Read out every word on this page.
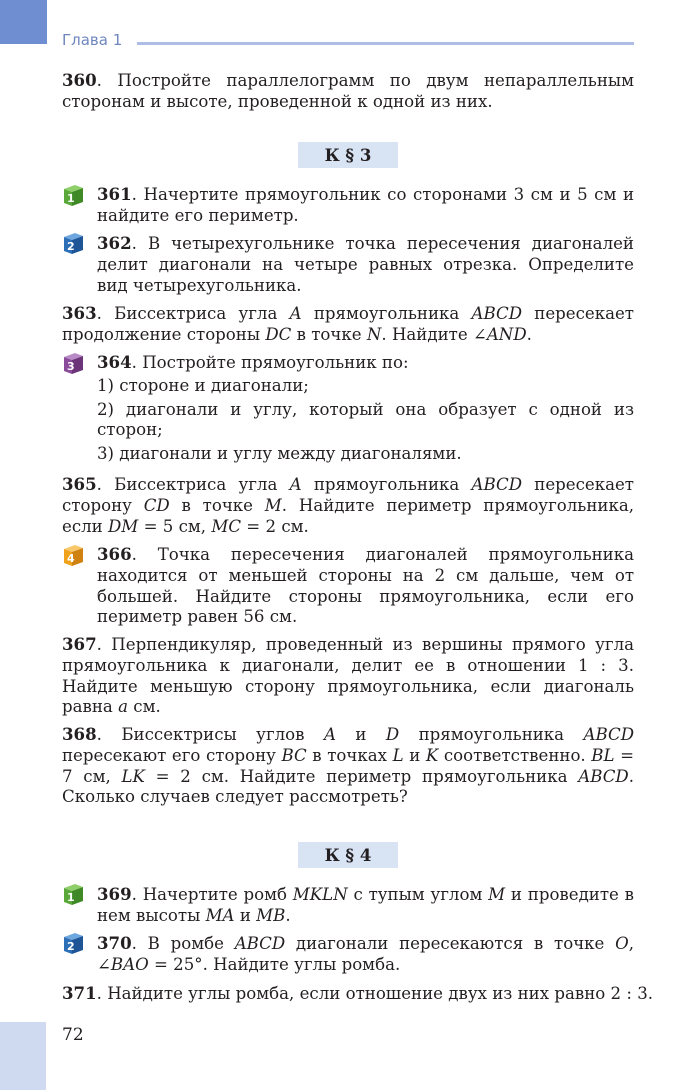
Глава 1
360. Постройте параллелограмм по двум непараллельным сторонам и высоте, проведенной к одной из них.
К § 3
1 361. Начертите прямоугольник со сторонами 3 см и 5 см и найдите его периметр.
2 362. В четырехугольнике точка пересечения диагоналей делит диагонали на четыре равных отрезка. Определите вид четырехугольника.
363. Биссектриса угла A прямоугольника ABCD пересекает продолжение стороны DC в точке N. Найдите ∠AND.
3 364. Постройте прямоугольник по:
1) стороне и диагонали;
2) диагонали и углу, который она образует с одной из сторон;
3) диагонали и углу между диагоналями.
365. Биссектриса угла A прямоугольника ABCD пересекает сторону CD в точке M. Найдите периметр прямоугольника, если DM = 5 см, MC = 2 см.
4 366. Точка пересечения диагоналей прямоугольника находится от меньшей стороны на 2 см дальше, чем от большей. Найдите стороны прямоугольника, если его периметр равен 56 см.
367. Перпендикуляр, проведенный из вершины прямого угла прямоугольника к диагонали, делит ее в отношении 1 : 3. Найдите меньшую сторону прямоугольника, если диагональ равна a см.
368. Биссектрисы углов A и D прямоугольника ABCD пересекают его сторону BC в точках L и K соответственно. BL = 7 см, LK = 2 см. Найдите периметр прямоугольника ABCD. Сколько случаев следует рассмотреть?
К § 4
1 369. Начертите ромб MKLN с тупым углом M и проведите в нем высоты MA и MB.
2 370. В ромбе ABCD диагонали пересекаются в точке O, ∠BAO = 25°. Найдите углы ромба.
371. Найдите углы ромба, если отношение двух из них равно 2 : 3.
72
